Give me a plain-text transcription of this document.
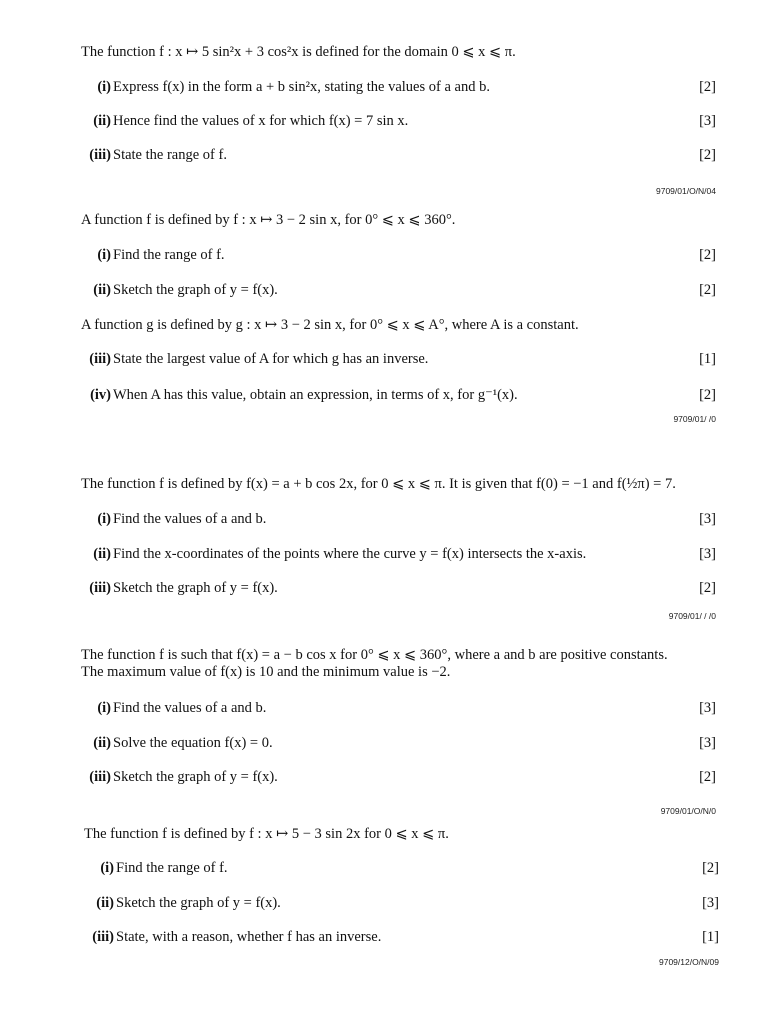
The function f : x ↦ 5 sin²x + 3 cos²x is defined for the domain 0 ⩽ x ⩽ π.
(i) Express f(x) in the form a + b sin²x, stating the values of a and b.	[2]
(ii) Hence find the values of x for which f(x) = 7 sin x.	[3]
(iii) State the range of f.	[2]
9709/01/O/N/04
A function f is defined by f : x ↦ 3 − 2 sin x, for 0° ⩽ x ⩽ 360°.
(i) Find the range of f.	[2]
(ii) Sketch the graph of y = f(x).	[2]
A function g is defined by g : x ↦ 3 − 2 sin x, for 0° ⩽ x ⩽ A°, where A is a constant.
(iii) State the largest value of A for which g has an inverse.	[1]
(iv) When A has this value, obtain an expression, in terms of x, for g⁻¹(x).	[2]
9709/01/ /0
The function f is defined by f(x) = a + b cos 2x, for 0 ⩽ x ⩽ π. It is given that f(0) = −1 and f(½π) = 7.
(i) Find the values of a and b.	[3]
(ii) Find the x-coordinates of the points where the curve y = f(x) intersects the x-axis.	[3]
(iii) Sketch the graph of y = f(x).	[2]
9709/01/ / /0
The function f is such that f(x) = a − b cos x for 0° ⩽ x ⩽ 360°, where a and b are positive constants.
The maximum value of f(x) is 10 and the minimum value is −2.
(i) Find the values of a and b.	[3]
(ii) Solve the equation f(x) = 0.	[3]
(iii) Sketch the graph of y = f(x).	[2]
9709/01/O/N/0
The function f is defined by f : x ↦ 5 − 3 sin 2x for 0 ⩽ x ⩽ π.
(i) Find the range of f.	[2]
(ii) Sketch the graph of y = f(x).	[3]
(iii) State, with a reason, whether f has an inverse.	[1]
9709/12/O/N/09
